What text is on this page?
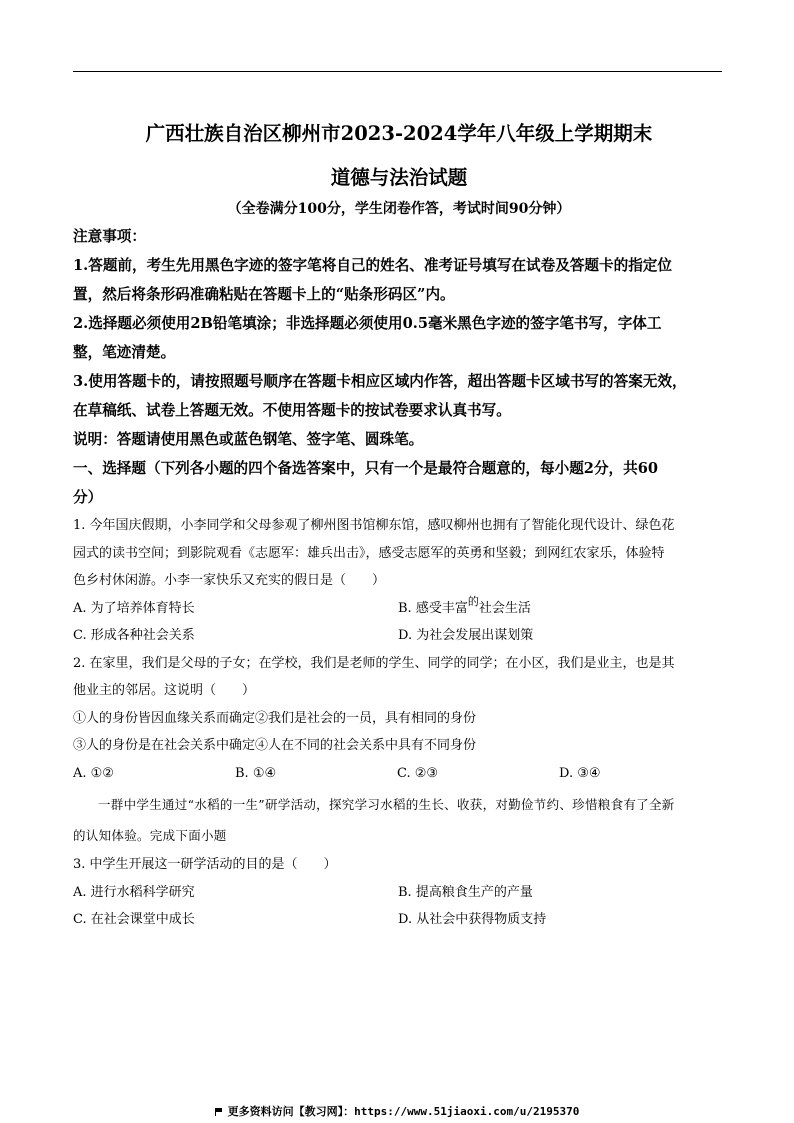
广西壮族自治区柳州市2023-2024学年八年级上学期期末

道德与法治试题

（全卷满分100分，学生闭卷作答，考试时间90分钟）

注意事项：

1.答题前，考生先用黑色字迹的签字笔将自己的姓名、准考证号填写在试卷及答题卡的指定位

置，然后将条形码准确粘贴在答题卡上的“贴条形码区”内。

2.选择题必须使用2B铅笔填涂；非选择题必须使用0.5毫米黑色字迹的签字笔书写，字体工

整，笔迹清楚。

3.使用答题卡的，请按照题号顺序在答题卡相应区域内作答，超出答题卡区域书写的答案无效，

在草稿纸、试卷上答题无效。不使用答题卡的按试卷要求认真书写。

说明：答题请使用黑色或蓝色钢笔、签字笔、圆珠笔。

一、选择题（下列各小题的四个备选答案中，只有一个是最符合题意的，每小题2分，共60

分）

1. 今年国庆假期，小李同学和父母参观了柳州图书馆柳东馆，感叹柳州也拥有了智能化现代设计、绿色花

园式的读书空间；到影院观看《志愿军：雄兵出击》，感受志愿军的英勇和坚毅；到网红农家乐，体验特

色乡村休闲游。小李一家快乐又充实的假日是（　　）

A. 为了培养体育特长	B. 感受丰富$^的$社会生活
C. 形成各种社会关系	D. 为社会发展出谋划策

2. 在家里，我们是父母的子女；在学校，我们是老师的学生、同学的同学；在小区，我们是业主，也是其

他业主的邻居。这说明（　　）

①人的身份皆因血缘关系而确定②我们是社会的一员，具有相同的身份

③人的身份是在社会关系中确定④人在不同的社会关系中具有不同身份

A. ①②	B. ①④	C. ②③	D. ③④
一群中学生通过“水稻的一生”研学活动，探究学习水稻的生长、收获，对勤俭节约、珍惜粮食有了全新
的认知体验。完成下面小题

3. 中学生开展这一研学活动的目的是（　　）

A. 进行水稻科学研究	B. 提高粮食生产的产量
C. 在社会课堂中成长	D. 从社会中获得物质支持
更多资料访问【教习网】：https://www.51jiaoxi.com/u/2195370
